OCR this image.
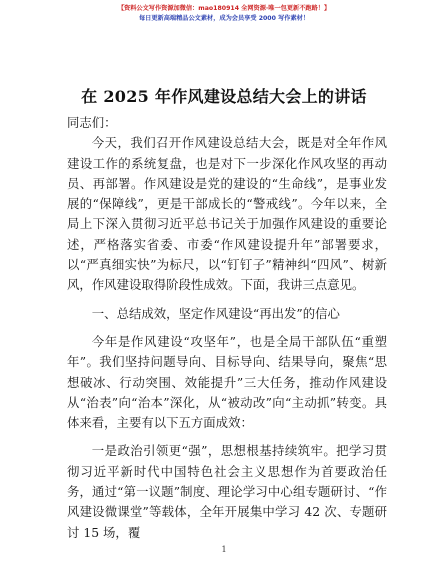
【资料公文写作资源加微信：mao180914 全网资源·唯一包更新不跑路！】
每日更新高端精品公文素材，成为会员享受 2000 写作素材！
在 2025 年作风建设总结大会上的讲话

同志们：

今天，我们召开作风建设总结大会，既是对全年作风建设工作的系统复盘，也是对下一步深化作风攻坚的再动员、再部署。作风建设是党的建设的“生命线”，是事业发展的“保障线”，更是干部成长的“警戒线”。今年以来，全局上下深入贯彻习近平总书记关于加强作风建设的重要论述，严格落实省委、市委“作风建设提升年”部署要求，以“严真细实快”为标尺，以“钉钉子”精神纠“四风”、树新风，作风建设取得阶段性成效。下面，我讲三点意见。

一、总结成效，坚定作风建设“再出发”的信心

今年是作风建设“攻坚年”，也是全局干部队伍“重塑年”。我们坚持问题导向、目标导向、结果导向，聚焦“思想破冰、行动突围、效能提升”三大任务，推动作风建设从“治表”向“治本”深化，从“被动改”向“主动抓”转变。具体来看，主要有以下五方面成效：

一是政治引领更“强”，思想根基持续筑牢。把学习贯彻习近平新时代中国特色社会主义思想作为首要政治任务，通过“第一议题”制度、理论学习中心组专题研讨、“作风建设微课堂”等载体，全年开展集中学习 42 次、专题研讨 15 场，覆

1
